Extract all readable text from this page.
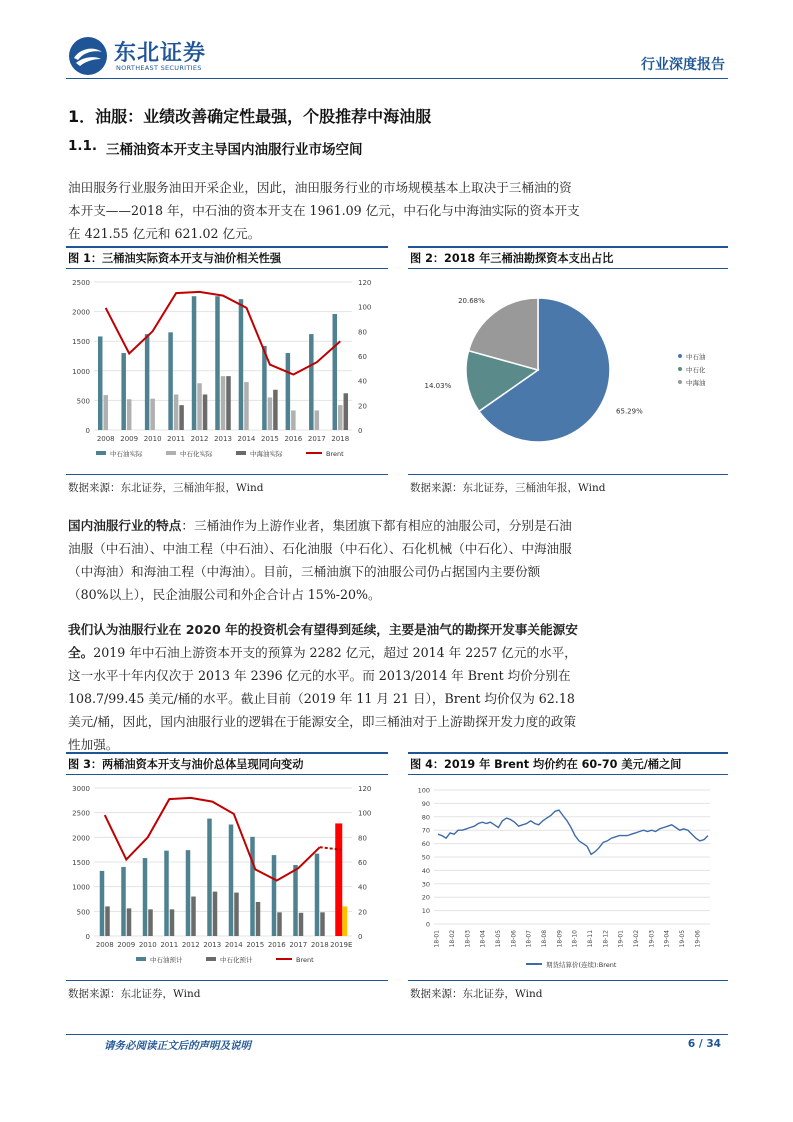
东北证券
NORTHEAST SECURITIES	行业深度报告
1．油服：业绩改善确定性最强，个股推荐中海油服
1.1. 三桶油资本开支主导国内油服行业市场空间
油田服务行业服务油田开采企业，因此，油田服务行业的市场规模基本上取决于三桶油的资本开支——2018 年，中石油的资本开支在 1961.09 亿元，中石化与中海油实际的资本开支在 421.55 亿元和 621.02 亿元。
图 1：三桶油实际资本开支与油价相关性强
0
500
1000
1500
2000
2500
0
20
40
60
80
100
120
2008 2009 2010 2011 2012 2013 2014 2015 2016 2017 2018
中石油实际	中石化实际	中海油实际	Brent
数据来源：东北证券，三桶油年报，Wind
图 2：2018 年三桶油勘探资本支出占比
65.29%
14.03%
20.68%
中石油
中石化
中海油
数据来源：东北证券，三桶油年报，Wind
国内油服行业的特点：三桶油作为上游作业者，集团旗下都有相应的油服公司，分别是石油油服（中石油）、中油工程（中石油）、石化油服（中石化）、石化机械（中石化）、中海油服（中海油）和海油工程（中海油）。目前，三桶油旗下的油服公司仍占据国内主要份额（80%以上），民企油服公司和外企合计占 15%-20%。
我们认为油服行业在 2020 年的投资机会有望得到延续，主要是油气的勘探开发事关能源安全。2019 年中石油上游资本开支的预算为 2282 亿元，超过 2014 年 2257 亿元的水平，这一水平十年内仅次于 2013 年 2396 亿元的水平。而 2013/2014 年 Brent 均价分别在 108.7/99.45 美元/桶的水平。截止目前（2019 年 11 月 21 日），Brent 均价仅为 62.18 美元/桶，因此，国内油服行业的逻辑在于能源安全，即三桶油对于上游勘探开发力度的政策性加强。
图 3：两桶油资本开支与油价总体呈现同向变动
0
500
1000
1500
2000
2500
3000
0
20
40
60
80
100
120
2008 2009 2010 2011 2012 2013 2014 2015 2016 2017 2018 2019E
中石油预计	中石化预计	Brent
数据来源：东北证券，Wind
图 4：2019 年 Brent 均价约在 60-70 美元/桶之间
0
10
20
30
40
50
60
70
80
90
100
18-01 18-02 18-03 18-04 18-05 18-06 18-07 18-08 18-09 18-10 18-11 18-12 19-01 19-02 19-03 19-04 19-05 19-06
期货结算价(连续):Brent
数据来源：东北证券，Wind
请务必阅读正文后的声明及说明	6 / 34
